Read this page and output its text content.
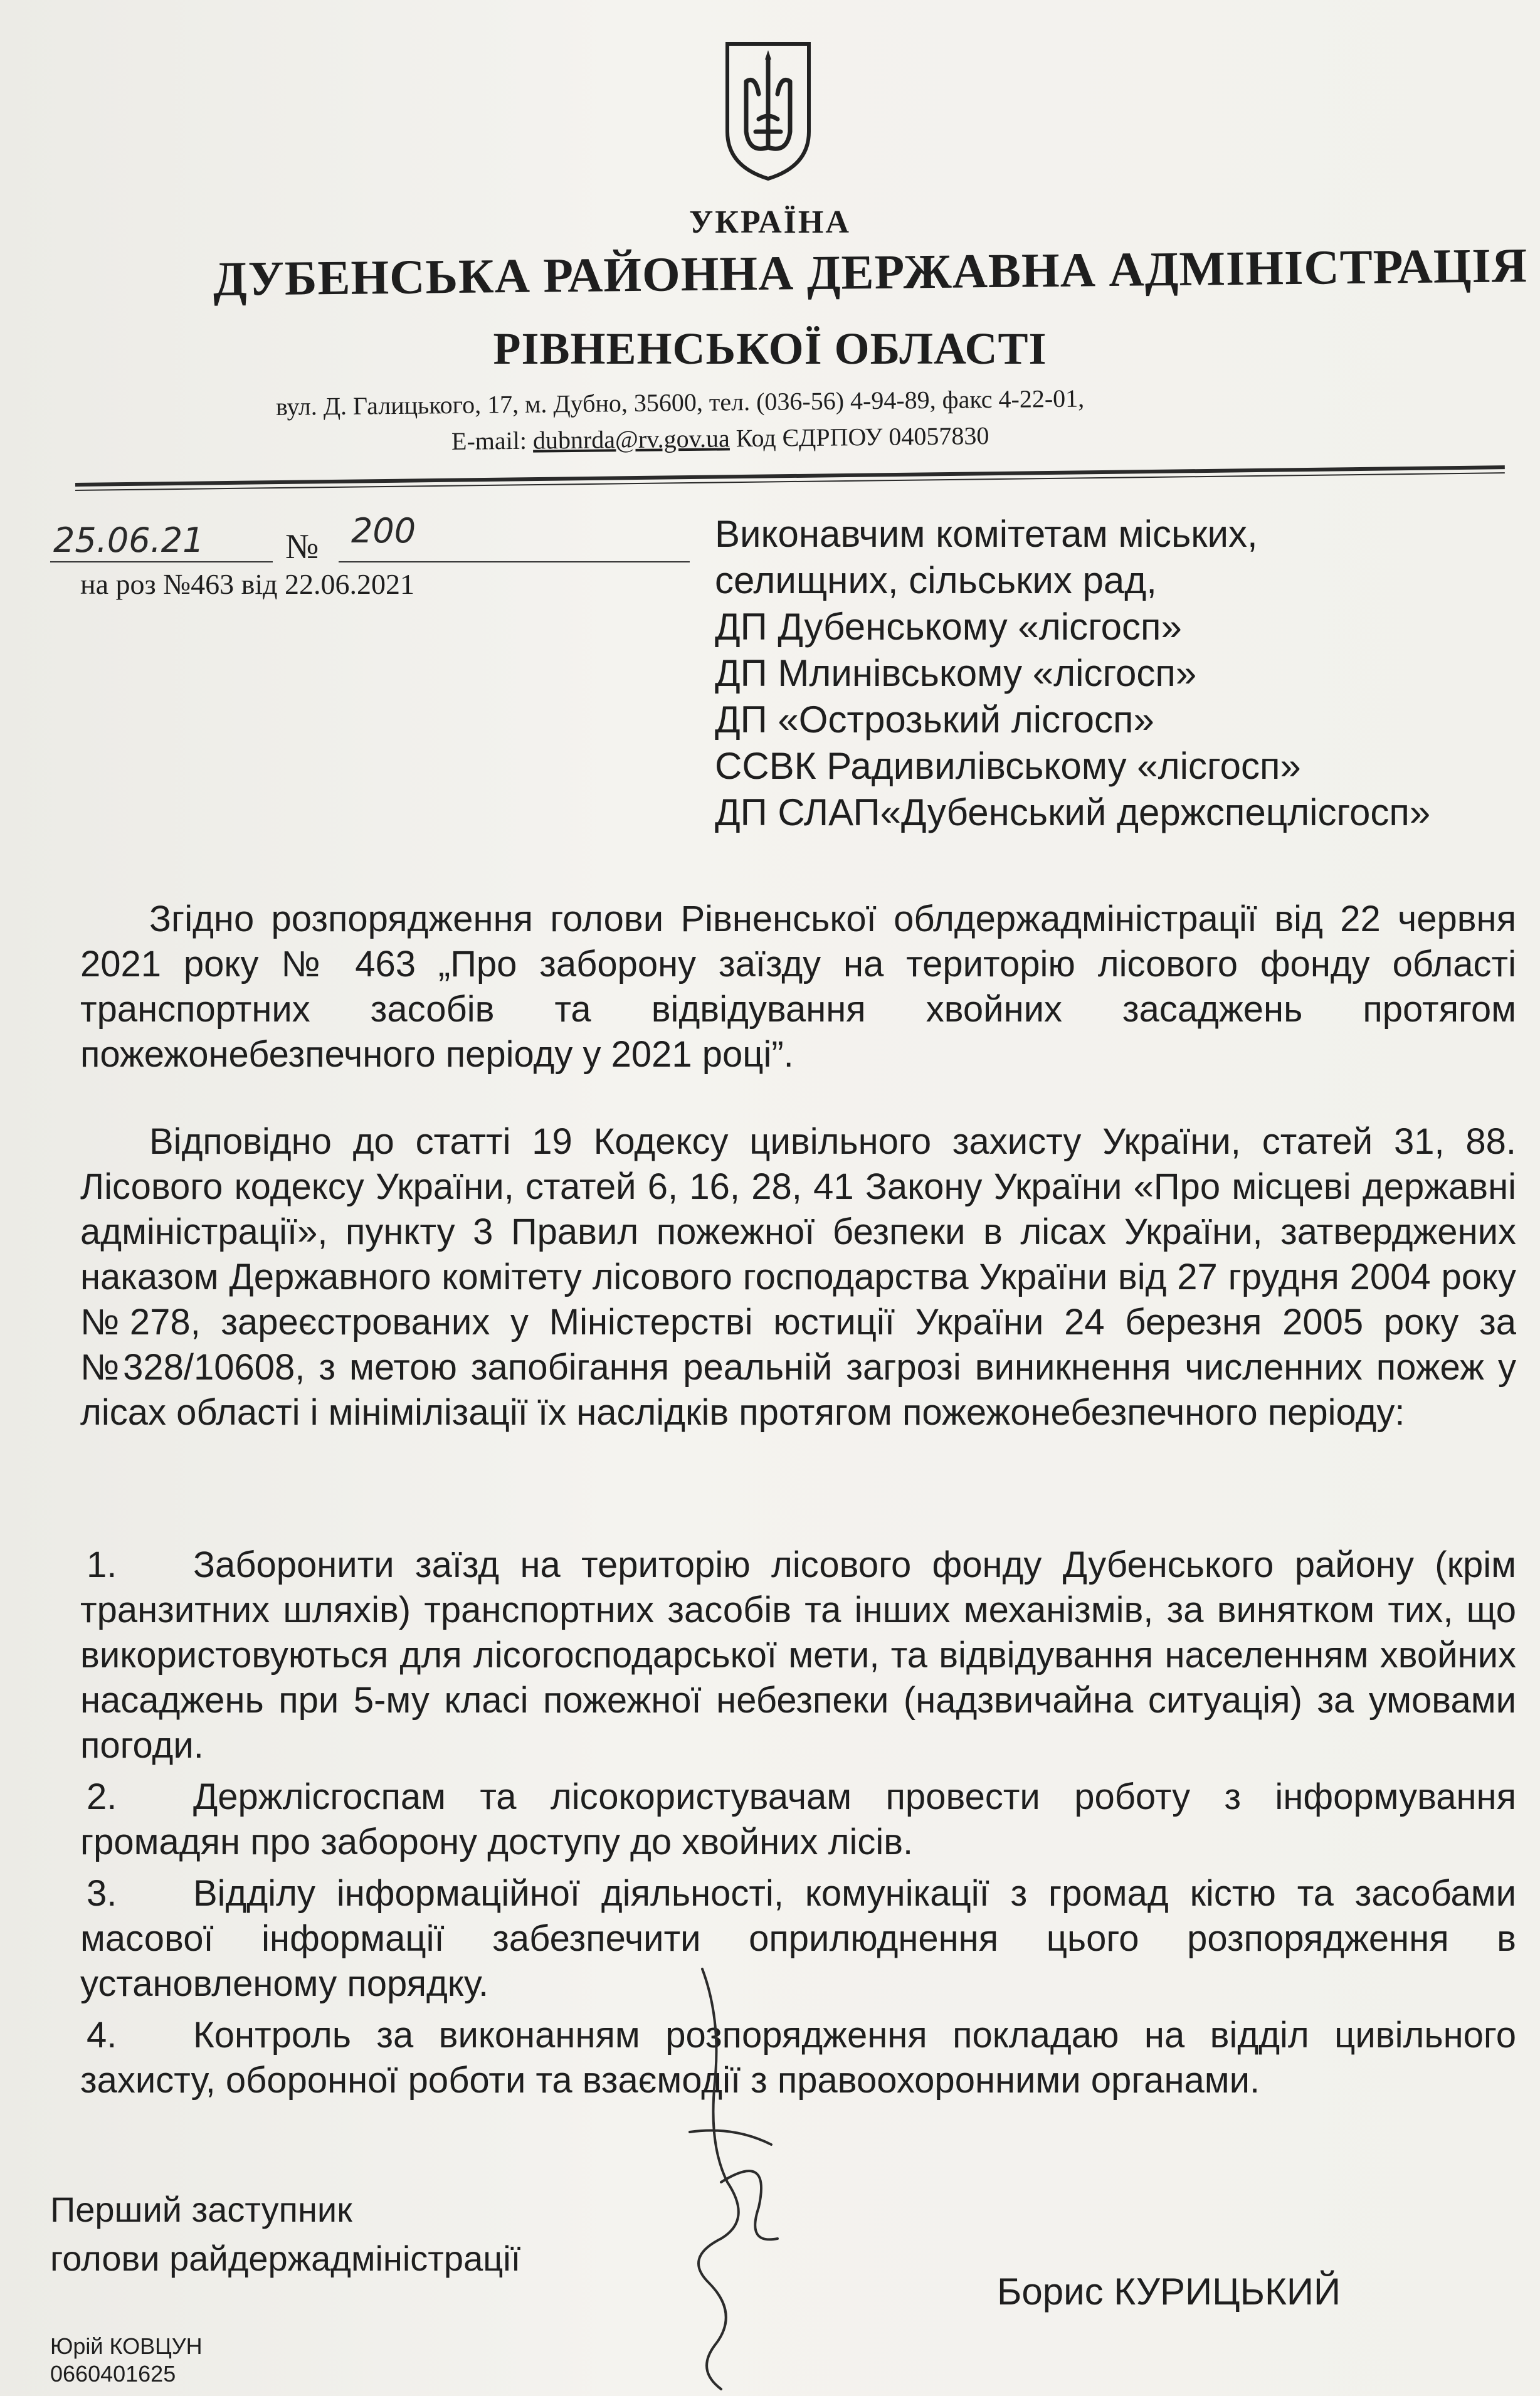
УКРАЇНА
ДУБЕНСЬКА РАЙОННА ДЕРЖАВНА АДМІНІСТРАЦІЯ
РІВНЕНСЬКОЇ ОБЛАСТІ
вул. Д. Галицького, 17, м. Дубно, 35600, тел. (036-56) 4-94-89, факс 4-22-01,
E-mail: dubnrda@rv.gov.ua Код ЄДРПОУ 04057830
25.06.21 № 200
на роз №463 від 22.06.2021
Виконавчим комітетам міських,
селищних, сільських рад,
ДП Дубенському «лісгосп»
ДП Млинівському «лісгосп»
ДП «Острозький лісгосп»
ССВК Радивилівському «лісгосп»
ДП СЛАП«Дубенський держспецлісгосп»
Згідно розпорядження голови Рівненської облдержадміністрації від 22 червня 2021 року № 463 „Про заборону заїзду на територію лісового фонду області транспортних засобів та відвідування хвойних засаджень протягом пожежонебезпечного періоду у 2021 році”.
Відповідно до статті 19 Кодексу цивільного захисту України, статей 31, 88. Лісового кодексу України, статей 6, 16, 28, 41 Закону України «Про місцеві державні адміністрації», пункту 3 Правил пожежної безпеки в лісах України, затверджених наказом Державного комітету лісового господарства України від 27 грудня 2004 року №278, зареєстрованих у Міністерстві юстиції України 24 березня 2005 року за №328/10608, з метою запобігання реальній загрозі виникнення численних пожеж у лісах області і мінімілізації їх наслідків протягом пожежонебезпечного періоду:
1. Заборонити заїзд на територію лісового фонду Дубенського району (крім транзитних шляхів) транспортних засобів та інших механізмів, за винятком тих, що використовуються для лісогосподарської мети, та відвідування населенням хвойних насаджень при 5-му класі пожежної небезпеки (надзвичайна ситуація) за умовами погоди.
2. Держлісгоспам та лісокористувачам провести роботу з інформування громадян про заборону доступу до хвойних лісів.
3. Відділу інформаційної діяльності, комунікації з громад кістю та засобами масової інформації забезпечити оприлюднення цього розпорядження в установленому порядку.
4. Контроль за виконанням розпорядження покладаю на відділ цивільного захисту, оборонної роботи та взаємодії з правоохоронними органами.
Перший заступник
голови райдержадміністрації
Борис КУРИЦЬКИЙ
Юрій КОВЦУН
0660401625
